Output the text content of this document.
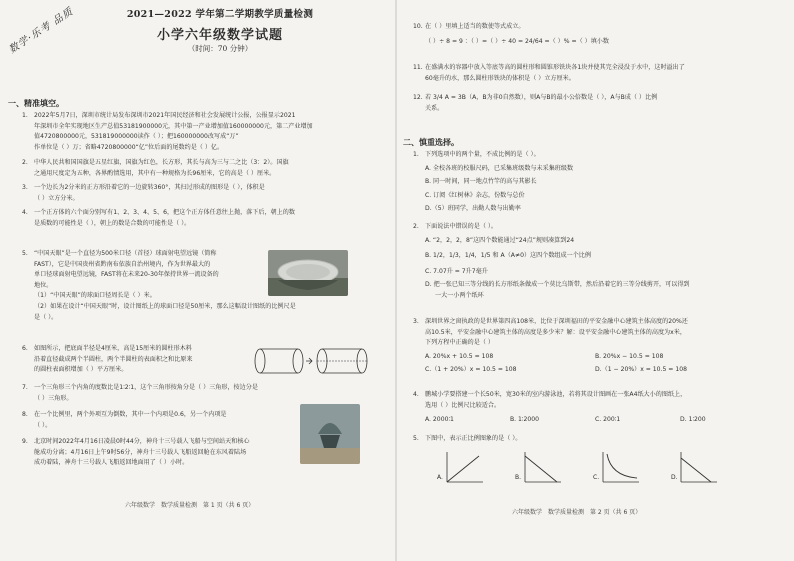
数学·乐考 品质	2021—2022 学年第二学期教学质量检测
小学六年级数学试题
（时间：70 分钟）
一、精准填空。
1. 2022年5月7日，深圳市统计局发布深圳市2021年国民经济和社会发展统计公报，公报显示2021
年深圳市全年实现地区生产总值53181900000元，其中第一产业增加值160000000元，第二产业增加
值4720800000元，531819000000读作（ ）；把160000000改写成“万”
作单位是（ ）万；省略4720800000“亿”位后面的尾数约是（ ）亿。
2. 中华人民共和国国旗是五星红旗，国旗为红色，长方形，其长与高为三与二之比（3：2）。国旗
之通用尺度定为五种，各界酌情选用，其中有一种规格为长96厘米，它的高是（ ）厘米。
3. 一个边长为2分米的正方形沿着它的一边旋转360°，其扫过形成的图形是（ ），体积是
（ ）立方分米。
4. 一个正方体的六个面分别写有1、2、3、4、5、6，把这个正方体任意往上抛，落下后，朝上的数
是质数的可能性是（ ），朝上的数是合数的可能性是（ ）。
5. “中国天眼”是一个直径为500米口径（首径）球面射电望远镜（简称
FAST），它是中国贵州省黔南布依族自治州境内，作为世界最大的
单口径球面射电望远镜，FAST将在未来20-30年保持世界一流设备的
地位。
（1）“中国天眼”的球面口径周长是（ ）米。
（2）如果在设计“中国天眼”时，设计图纸上的球面口径是50厘米，那么这幅设计图纸的比例尺是
是（ ）。
6. 如图所示，把底面半径是4厘米，高是15厘米的圆柱形木料
沿着直径截成两个半圆柱，两个半圆柱的表面积之和比原来
的圆柱表面积增加（ ）平方厘米。
7. 一个三角形三个内角的度数比是1∶2∶1，这个三角形按角分是（ ）三角形，按边分是
（ ）三角形。
8. 在一个比例里，两个外项互为倒数，其中一个内项是0.6，另一个内项是
（ ）。
9. 北京时间2022年4月16日凌晨0时44分，神舟十三号载人飞船与空间站天和核心
舱成功分离；4月16日上午9时56分，神舟十三号载人飞船返回舱在东风着陆场
成功着陆，神舟十三号载人飞船返回地面用了（ ）小时。
六年级数学　数学质量检测　第 1 页（共 6 页）
10. 在（ ）里填上适当的数使等式成立。
（ ）÷ 8 = 9 ：（ ）=（ ）÷ 40 = 24/64 =（ ）% =（ ）填小数
11. 在盛满水的容器中放入等底等高的圆柱形和圆锥形铁块各1块并使其完全浸没于水中，这时溢出了
60毫升的水，那么圆柱形铁块的体积是（ ）立方厘米。
12. 若 3/4 A = 3B（A，B为非0自然数），则A与B的最小公倍数是（ ），A与B成（ ）比例
关系。
二、慎重选择。
1. 下列选项中的两个量，不成比例的是（ ）。
A. 全校各班的校服尺码，已采集班级数与未采集班级数
B. 同一时间，同一地点竹竿的高与其影长
C. 订阅《红树林》杂志，份数与总价
D.（5）班同学，出勤人数与出勤率
2. 下面说法中错误的是（ ）。
A. “2，2，2，8”这四个数能通过“24点”规则凑算到24
B. 1/2，1/3，1/4，1/5 和 A（A≠0）这四个数组成一个比例
C. 7.07升 = 7升7毫升
D. 把一张已知三等分线的长方形纸条做成一个莫比乌斯带，然后沿着它的三等分线剪开，可以得到
一大一小两个纸环
3. 深圳世界之窗执政的是世界第四高108米，比位于深圳福田的平安金融中心建筑主体高度的20%还
高10.5米，平安金融中心建筑主体的高度是多少米？解：设平安金融中心建筑主体的高度为x米，
下列方程中正确的是（ ）
A. 20%x + 10.5 = 108	B. 20%x − 10.5 = 108
C.（1 + 20%）x = 10.5 = 108	D.（1 − 20%）x = 10.5 = 108
4. 鹏城小学要搭建一个长50米，宽30米的室内游泳池，若将其设计图画在一张A4纸大小的图纸上，
选用（ ）比例尺比较适合。
A. 2000∶1	B. 1∶2000	C. 200∶1	D. 1∶200
5. 下图中，表示正比例图象的是（ ）。
A.	B.	C.	D.
六年级数学　数学质量检测　第 2 页（共 6 页）
